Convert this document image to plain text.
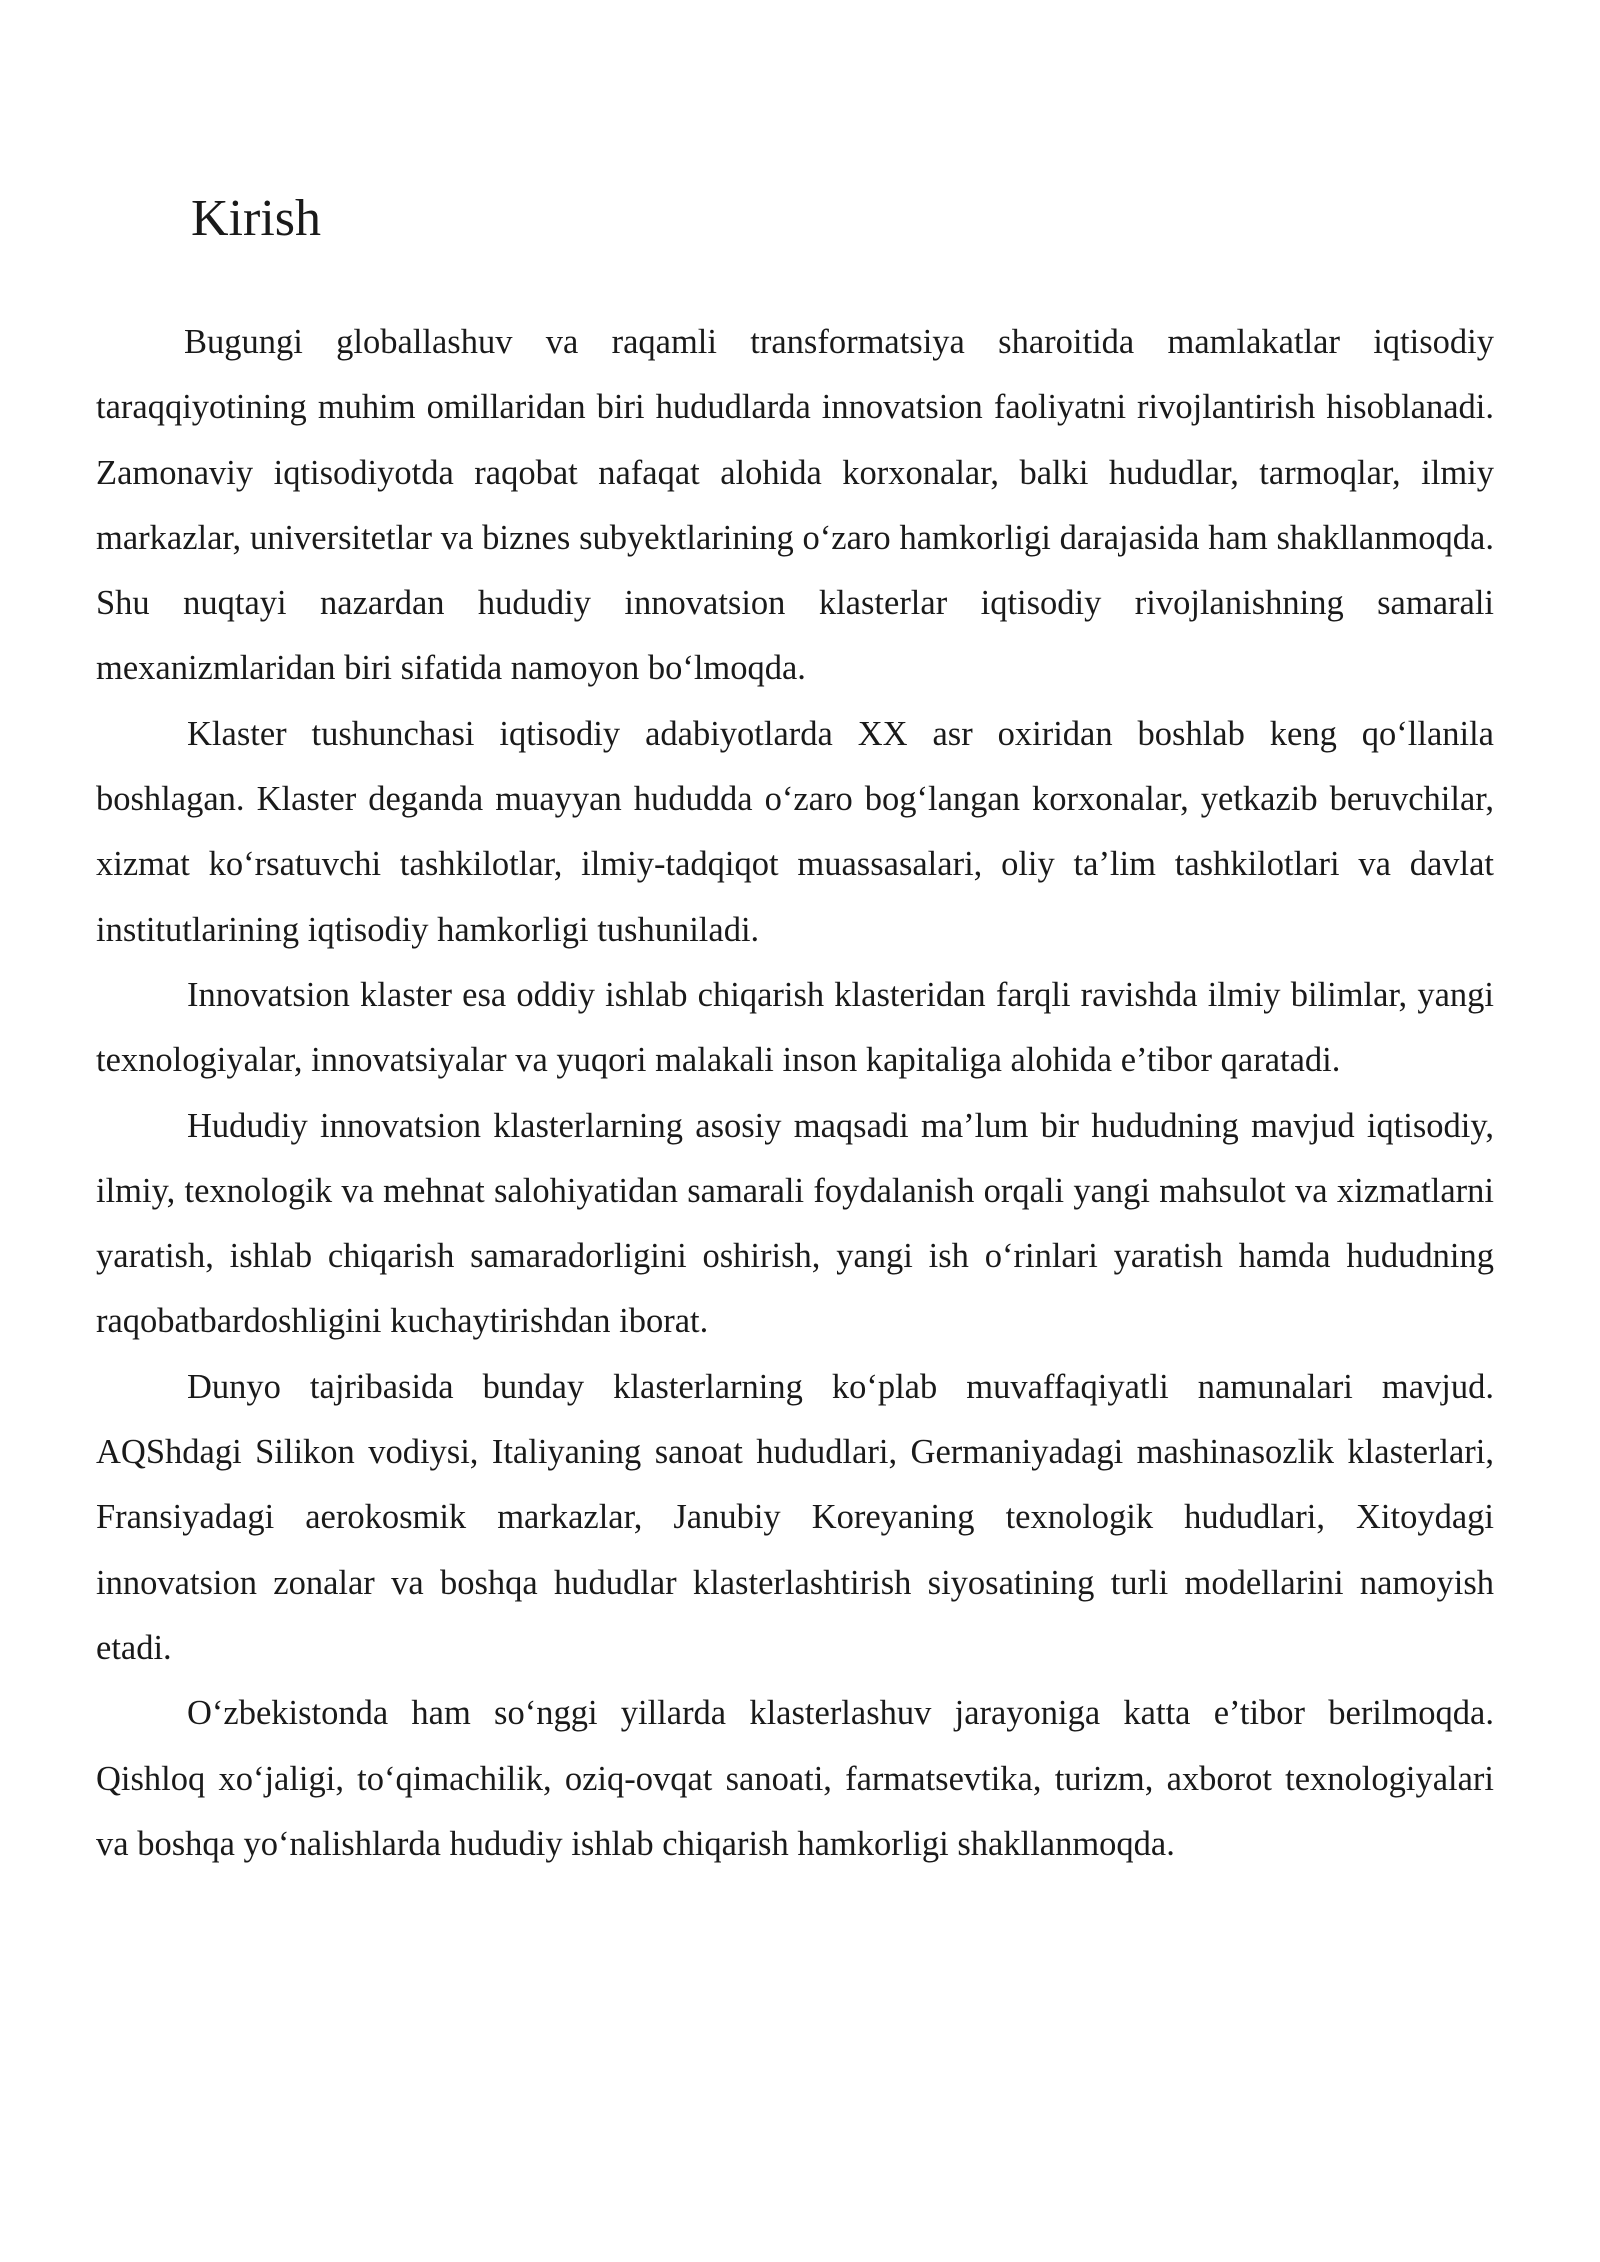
Kirish

Bugungi globallashuv va raqamli transformatsiya sharoitida mamlakatlar iqtisodiy taraqqiyotining muhim omillaridan biri hududlarda innovatsion faoliyatni rivojlantirish hisoblanadi. Zamonaviy iqtisodiyotda raqobat nafaqat alohida korxonalar, balki hududlar, tarmoqlar, ilmiy markazlar, universitetlar va biznes subyektlarining o‘zaro hamkorligi darajasida ham shakllanmoqda. Shu nuqtayi nazardan hududiy innovatsion klasterlar iqtisodiy rivojlanishning samarali mexanizmlaridan biri sifatida namoyon bo‘lmoqda.

Klaster tushunchasi iqtisodiy adabiyotlarda XX asr oxiridan boshlab keng qo‘llanila boshlagan. Klaster deganda muayyan hududda o‘zaro bog‘langan korxonalar, yetkazib beruvchilar, xizmat ko‘rsatuvchi tashkilotlar, ilmiy-tadqiqot muassasalari, oliy ta’lim tashkilotlari va davlat institutlarining iqtisodiy hamkorligi tushuniladi.

Innovatsion klaster esa oddiy ishlab chiqarish klasteridan farqli ravishda ilmiy bilimlar, yangi texnologiyalar, innovatsiyalar va yuqori malakali inson kapitaliga alohida e’tibor qaratadi.

Hududiy innovatsion klasterlarning asosiy maqsadi ma’lum bir hududning mavjud iqtisodiy, ilmiy, texnologik va mehnat salohiyatidan samarali foydalanish orqali yangi mahsulot va xizmatlarni yaratish, ishlab chiqarish samaradorligini oshirish, yangi ish o‘rinlari yaratish hamda hududning raqobatbardoshligini kuchaytirishdan iborat.

Dunyo tajribasida bunday klasterlarning ko‘plab muvaffaqiyatli namunalari mavjud. AQShdagi Silikon vodiysi, Italiyaning sanoat hududlari, Germaniyadagi mashinasozlik klasterlari, Fransiyadagi aerokosmik markazlar, Janubiy Koreyaning texnologik hududlari, Xitoydagi innovatsion zonalar va boshqa hududlar klasterlashtirish siyosatining turli modellarini namoyish etadi.

O‘zbekistonda ham so‘nggi yillarda klasterlashuv jarayoniga katta e’tibor berilmoqda. Qishloq xo‘jaligi, to‘qimachilik, oziq-ovqat sanoati, farmatsevtika, turizm, axborot texnologiyalari va boshqa yo‘nalishlarda hududiy ishlab chiqarish hamkorligi shakllanmoqda.
